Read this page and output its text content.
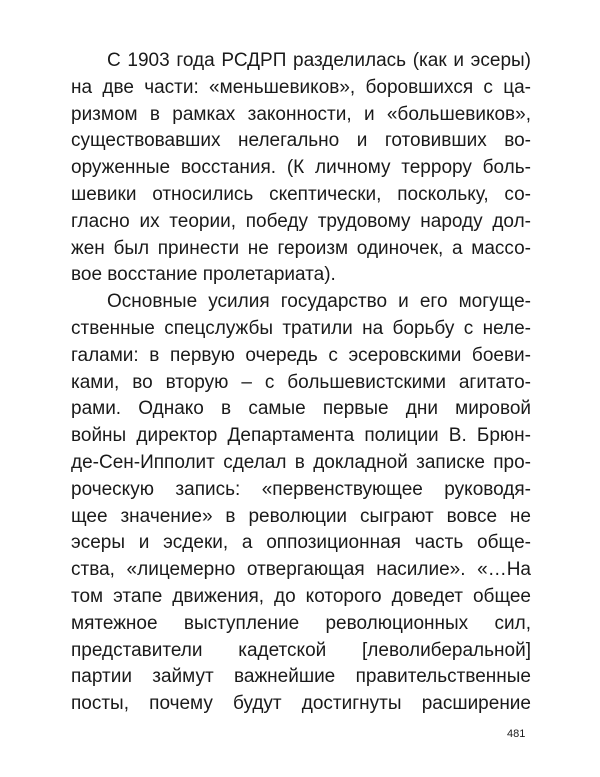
С 1903 года РСДРП разделилась (как и эсеры)
на две части: «меньшевиков», боровшихся с ца-
ризмом в рамках законности, и «большевиков»,
существовавших нелегально и готовивших во-
оруженные восстания. (К личному террору боль-
шевики относились скептически, поскольку, со-
гласно их теории, победу трудовому народу дол-
жен был принести не героизм одиночек, а массо-
вое восстание пролетариата).
Основные усилия государство и его могуще-
ственные спецслужбы тратили на борьбу с неле-
галами: в первую очередь с эсеровскими боеви-
ками, во вторую – с большевистскими агитато-
рами. Однако в самые первые дни мировой
войны директор Департамента полиции В. Брюн-
де-Сен-Ипполит сделал в докладной записке про-
роческую запись: «первенствующее руководя-
щее значение» в революции сыграют вовсе не
эсеры и эсдеки, а оппозиционная часть общe-
ства, «лицемерно отвергающая насилие». «…На
том этапе движения, до которого доведет общее
мятежное выступление революционных сил,
представители кадетской [леволиберальной]
партии займут важнейшие правительственные
посты, почему будут достигнуты расширение
481
